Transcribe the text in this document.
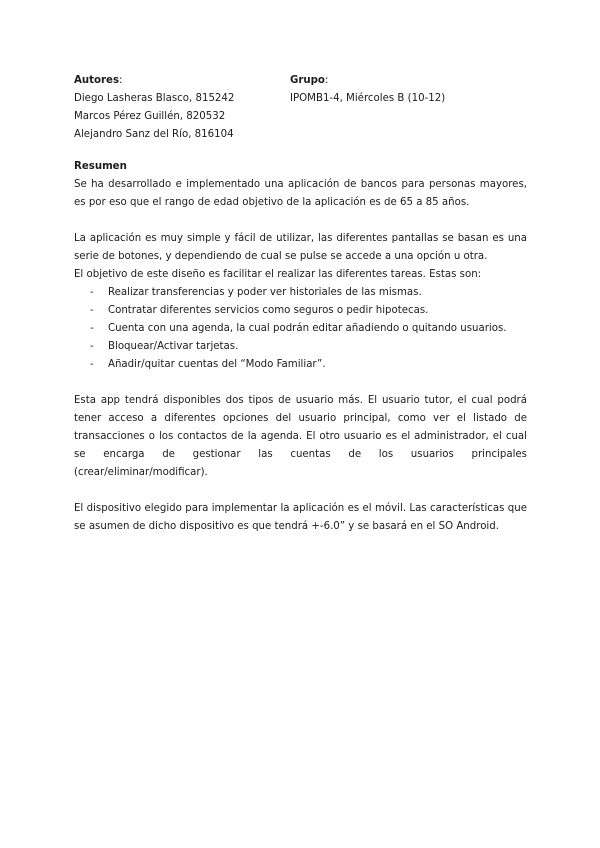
Autores:
Diego Lasheras Blasco, 815242
Marcos Pérez Guillén, 820532
Alejandro Sanz del Río, 816104
Grupo:
IPOMB1-4, Miércoles B (10-12)
Resumen

Se ha desarrollado e implementado una aplicación de bancos para personas mayores, es por eso que el rango de edad objetivo de la aplicación es de 65 a 85 años.

La aplicación es muy simple y fácil de utilizar, las diferentes pantallas se basan es una serie de botones, y dependiendo de cual se pulse se accede a una opción u otra.

El objetivo de este diseño es facilitar el realizar las diferentes tareas. Estas son:

- Realizar transferencias y poder ver historiales de las mismas.
- Contratar diferentes servicios como seguros o pedir hipotecas.
- Cuenta con una agenda, la cual podrán editar añadiendo o quitando usuarios.
- Bloquear/Activar tarjetas.
- Añadir/quitar cuentas del “Modo Familiar”.

Esta app tendrá disponibles dos tipos de usuario más. El usuario tutor, el cual podrá tener acceso a diferentes opciones del usuario principal, como ver el listado de transacciones o los contactos de la agenda. El otro usuario es el administrador, el cual se encarga de gestionar las cuentas de los usuarios principales (crear/eliminar/modificar).

El dispositivo elegido para implementar la aplicación es el móvil. Las características que se asumen de dicho dispositivo es que tendrá +-6.0” y se basará en el SO Android.
